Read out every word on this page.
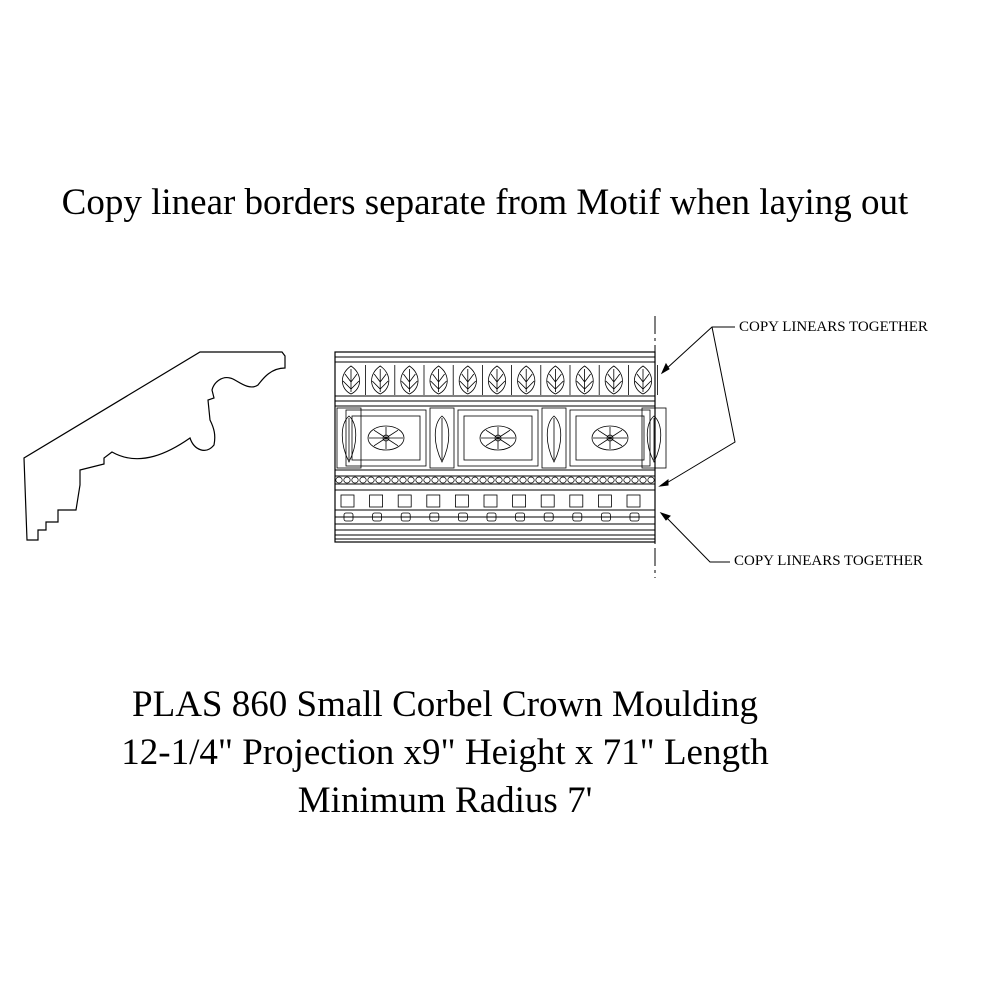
Copy linear borders separate from Motif when laying out
COPY LINEARS TOGETHER
COPY LINEARS TOGETHER
PLAS 860 Small Corbel Crown Moulding
12-1/4" Projection x9" Height x 71" Length
Minimum Radius 7'
